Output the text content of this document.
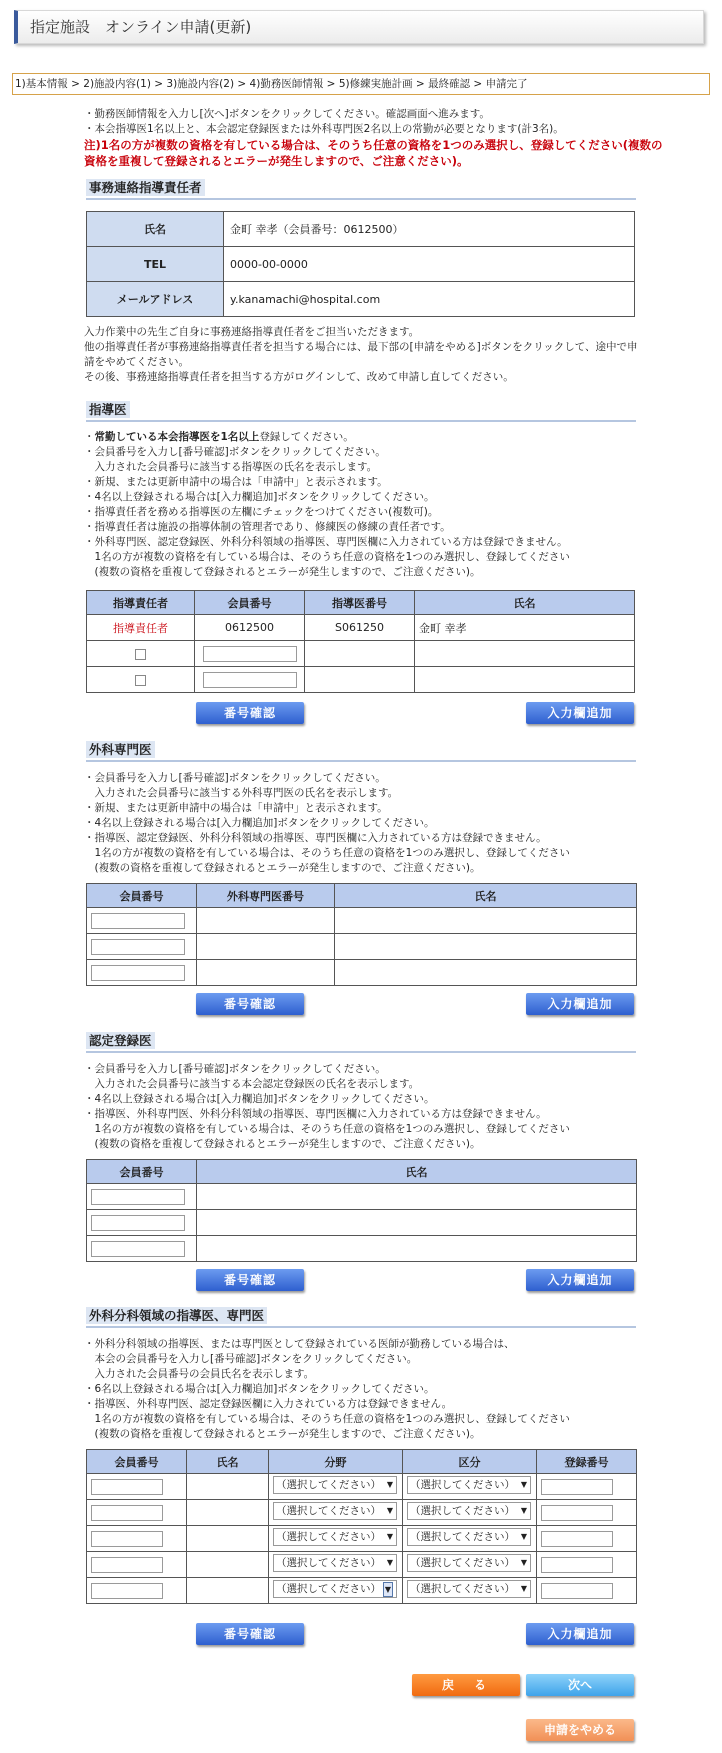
指定施設　オンライン申請(更新)
1)基本情報 > 2)施設内容(1) > 3)施設内容(2) > 4)勤務医師情報 > 5)修練実施計画 > 最終確認 > 申請完了

・勤務医師情報を入力し[次へ]ボタンをクリックしてください。確認画面へ進みます。

・本会指導医1名以上と、本会認定登録医または外科専門医2名以上の常勤が必要となります(計3名)。

注)1名の方が複数の資格を有している場合は、そのうち任意の資格を1つのみ選択し、登録してください(複数の資格を重複して登録されるとエラーが発生しますので、ご注意ください)。

事務連絡指導責任者
氏名	金町 幸孝（会員番号：0612500）
TEL	0000-00-0000
メールアドレス	y.kanamachi@hospital.com

入力作業中の先生ご自身に事務連絡指導責任者をご担当いただきます。

他の指導責任者が事務連絡指導責任者を担当する場合には、最下部の[申請をやめる]ボタンをクリックして、途中で申請をやめてください。

その後、事務連絡指導責任者を担当する方がログインして、改めて申請し直してください。

指導医

・常勤している本会指導医を1名以上登録してください。

・会員番号を入力し[番号確認]ボタンをクリックしてください。

　入力された会員番号に該当する指導医の氏名を表示します。

・新規、または更新申請中の場合は「申請中」と表示されます。

・4名以上登録される場合は[入力欄追加]ボタンをクリックしてください。

・指導責任者を務める指導医の左欄にチェックをつけてください(複数可)。

・指導責任者は施設の指導体制の管理者であり、修練医の修練の責任者です。

・外科専門医、認定登録医、外科分科領域の指導医、専門医欄に入力されている方は登録できません。

　1名の方が複数の資格を有している場合は、そのうち任意の資格を1つのみ選択し、登録してください

　(複数の資格を重複して登録されるとエラーが発生しますので、ご注意ください)。

指導責任者	会員番号	指導医番号	氏名
指導責任者	0612500	S061250	金町 幸孝

番号確認	入力欄追加
外科専門医

・会員番号を入力し[番号確認]ボタンをクリックしてください。

　入力された会員番号に該当する外科専門医の氏名を表示します。

・新規、または更新申請中の場合は「申請中」と表示されます。

・4名以上登録される場合は[入力欄追加]ボタンをクリックしてください。

・指導医、認定登録医、外科分科領域の指導医、専門医欄に入力されている方は登録できません。

　1名の方が複数の資格を有している場合は、そのうち任意の資格を1つのみ選択し、登録してください

　(複数の資格を重複して登録されるとエラーが発生しますので、ご注意ください)。

会員番号	外科専門医番号	氏名

番号確認	入力欄追加
認定登録医

・会員番号を入力し[番号確認]ボタンをクリックしてください。

　入力された会員番号に該当する本会認定登録医の氏名を表示します。

・4名以上登録される場合は[入力欄追加]ボタンをクリックしてください。

・指導医、外科専門医、外科分科領域の指導医、専門医欄に入力されている方は登録できません。

　1名の方が複数の資格を有している場合は、そのうち任意の資格を1つのみ選択し、登録してください

　(複数の資格を重複して登録されるとエラーが発生しますので、ご注意ください)。

会員番号	氏名

番号確認	入力欄追加
外科分科領域の指導医、専門医

・外科分科領域の指導医、または専門医として登録されている医師が勤務している場合は、

　本会の会員番号を入力し[番号確認]ボタンをクリックしてください。

　入力された会員番号の会員氏名を表示します。

・6名以上登録される場合は[入力欄追加]ボタンをクリックしてください。

・指導医、外科専門医、認定登録医欄に入力されている方は登録できません。

　1名の方が複数の資格を有している場合は、そのうち任意の資格を1つのみ選択し、登録してください

　(複数の資格を重複して登録されるとエラーが発生しますので、ご注意ください)。

会員番号	氏名	分野	区分	登録番号
		（選択してください） ▼	（選択してください） ▼	

		（選択してください） ▼	（選択してください） ▼	

		（選択してください） ▼	（選択してください） ▼	

		（選択してください） ▼	（選択してください） ▼	

		（選択してください） ▼	（選択してください） ▼	

番号確認	入力欄追加
戻　る	次へ
申請をやめる
